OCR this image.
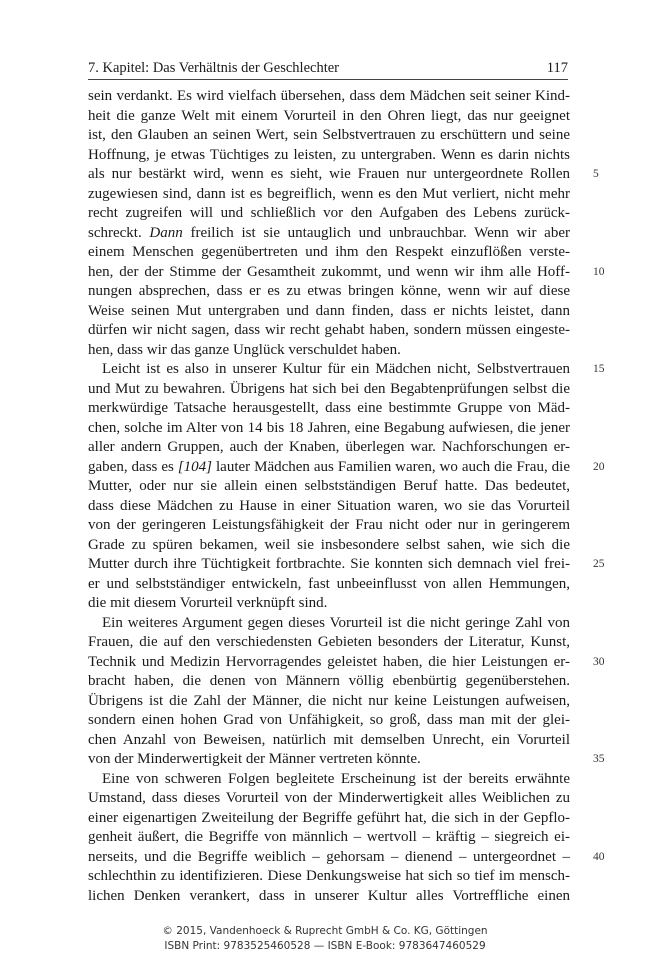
7. Kapitel: Das Verhältnis der Geschlechter	117
sein verdankt. Es wird vielfach übersehen, dass dem Mädchen seit seiner Kind-
heit die ganze Welt mit einem Vorurteil in den Ohren liegt, das nur geeignet
ist, den Glauben an seinen Wert, sein Selbstvertrauen zu erschüttern und seine
Hoffnung, je etwas Tüchtiges zu leisten, zu untergraben. Wenn es darin nichts
als nur bestärkt wird, wenn es sieht, wie Frauen nur untergeordnete Rollen
zugewiesen sind, dann ist es begreiflich, wenn es den Mut verliert, nicht mehr
recht zugreifen will und schließlich vor den Aufgaben des Lebens zurück-
schreckt. Dann freilich ist sie untauglich und unbrauchbar. Wenn wir aber
einem Menschen gegenübertreten und ihm den Respekt einzuflößen verste-
hen, der der Stimme der Gesamtheit zukommt, und wenn wir ihm alle Hoff-
nungen absprechen, dass er es zu etwas bringen könne, wenn wir auf diese
Weise seinen Mut untergraben und dann finden, dass er nichts leistet, dann
dürfen wir nicht sagen, dass wir recht gehabt haben, sondern müssen eingeste-
hen, dass wir das ganze Unglück verschuldet haben.
Leicht ist es also in unserer Kultur für ein Mädchen nicht, Selbstvertrauen
und Mut zu bewahren. Übrigens hat sich bei den Begabtenprüfungen selbst die
merkwürdige Tatsache herausgestellt, dass eine bestimmte Gruppe von Mäd-
chen, solche im Alter von 14 bis 18 Jahren, eine Begabung aufwiesen, die jener
aller andern Gruppen, auch der Knaben, überlegen war. Nachforschungen er-
gaben, dass es [104] lauter Mädchen aus Familien waren, wo auch die Frau, die
Mutter, oder nur sie allein einen selbstständigen Beruf hatte. Das bedeutet,
dass diese Mädchen zu Hause in einer Situation waren, wo sie das Vorurteil
von der geringeren Leistungsfähigkeit der Frau nicht oder nur in geringerem
Grade zu spüren bekamen, weil sie insbesondere selbst sahen, wie sich die
Mutter durch ihre Tüchtigkeit fortbrachte. Sie konnten sich demnach viel frei-
er und selbstständiger entwickeln, fast unbeeinflusst von allen Hemmungen,
die mit diesem Vorurteil verknüpft sind.
Ein weiteres Argument gegen dieses Vorurteil ist die nicht geringe Zahl von
Frauen, die auf den verschiedensten Gebieten besonders der Literatur, Kunst,
Technik und Medizin Hervorragendes geleistet haben, die hier Leistungen er-
bracht haben, die denen von Männern völlig ebenbürtig gegenüberstehen.
Übrigens ist die Zahl der Männer, die nicht nur keine Leistungen aufweisen,
sondern einen hohen Grad von Unfähigkeit, so groß, dass man mit der glei-
chen Anzahl von Beweisen, natürlich mit demselben Unrecht, ein Vorurteil
von der Minderwertigkeit der Männer vertreten könnte.
Eine von schweren Folgen begleitete Erscheinung ist der bereits erwähnte
Umstand, dass dieses Vorurteil von der Minderwertigkeit alles Weiblichen zu
einer eigenartigen Zweiteilung der Begriffe geführt hat, die sich in der Gepflo-
genheit äußert, die Begriffe von männlich – wertvoll – kräftig – siegreich ei-
nerseits, und die Begriffe weiblich – gehorsam – dienend – untergeordnet –
schlechthin zu identifizieren. Diese Denkungsweise hat sich so tief im mensch-
lichen Denken verankert, dass in unserer Kultur alles Vortreffliche einen
5
10
15
20
25
30
35
40
© 2015, Vandenhoeck & Ruprecht GmbH & Co. KG, Göttingen
ISBN Print: 9783525460528 — ISBN E-Book: 9783647460529
